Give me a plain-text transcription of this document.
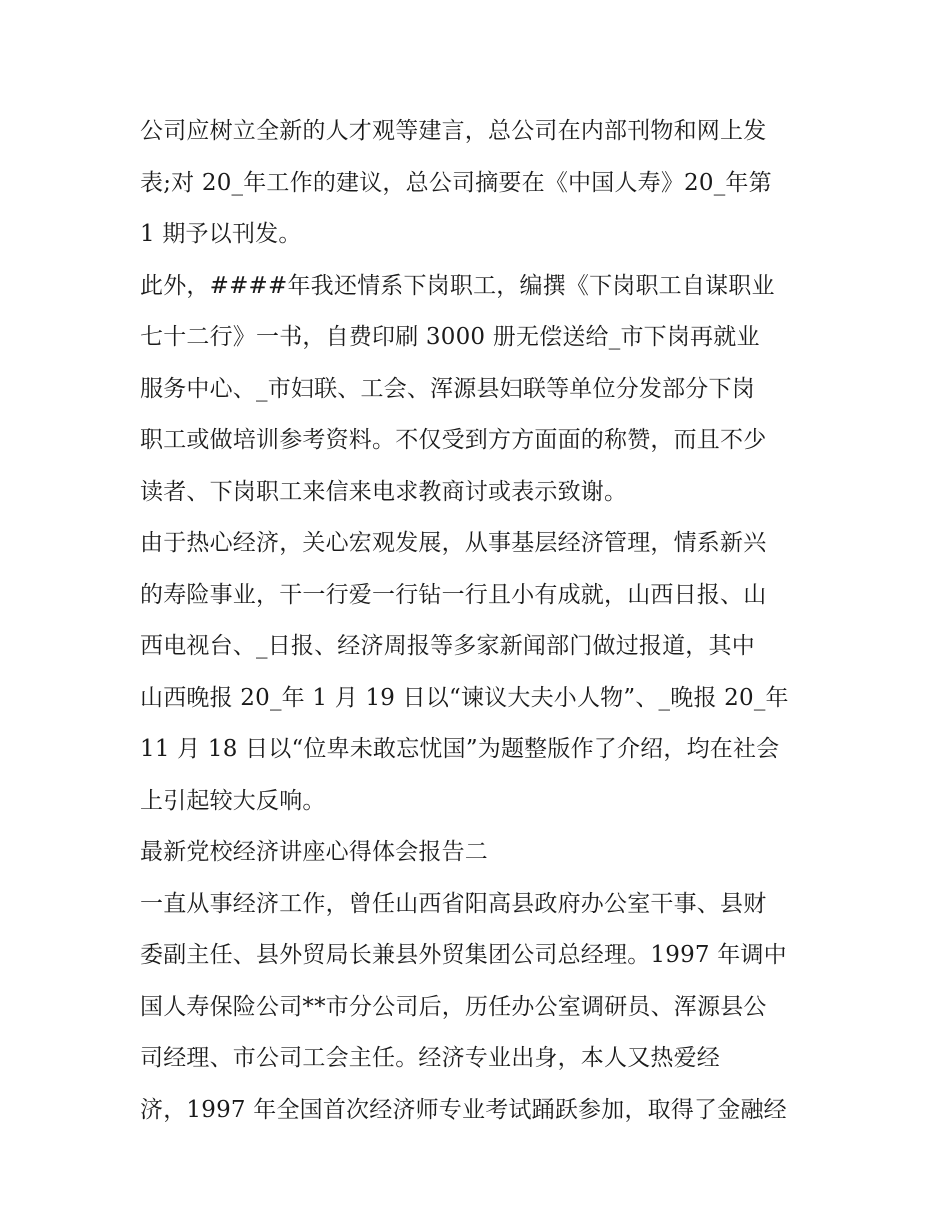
公司应树立全新的人才观等建言，总公司在内部刊物和网上发
表;对 20_年工作的建议，总公司摘要在《中国人寿》20_年第
1 期予以刊发。
此外，####年我还情系下岗职工，编撰《下岗职工自谋职业
七十二行》一书，自费印刷 3000 册无偿送给_市下岗再就业
服务中心、_市妇联、工会、浑源县妇联等单位分发部分下岗
职工或做培训参考资料。不仅受到方方面面的称赞，而且不少
读者、下岗职工来信来电求教商讨或表示致谢。
由于热心经济，关心宏观发展，从事基层经济管理，情系新兴
的寿险事业，干一行爱一行钻一行且小有成就，山西日报、山
西电视台、_日报、经济周报等多家新闻部门做过报道，其中
山西晚报 20_年 1 月 19 日以“谏议大夫小人物”、_晚报 20_年
11 月 18 日以“位卑未敢忘忧国”为题整版作了介绍，均在社会
上引起较大反响。
最新党校经济讲座心得体会报告二
一直从事经济工作，曾任山西省阳高县政府办公室干事、县财
委副主任、县外贸局长兼县外贸集团公司总经理。1997 年调中
国人寿保险公司**市分公司后，历任办公室调研员、浑源县公
司经理、市公司工会主任。经济专业出身，本人又热爱经
济，1997 年全国首次经济师专业考试踊跃参加，取得了金融经
